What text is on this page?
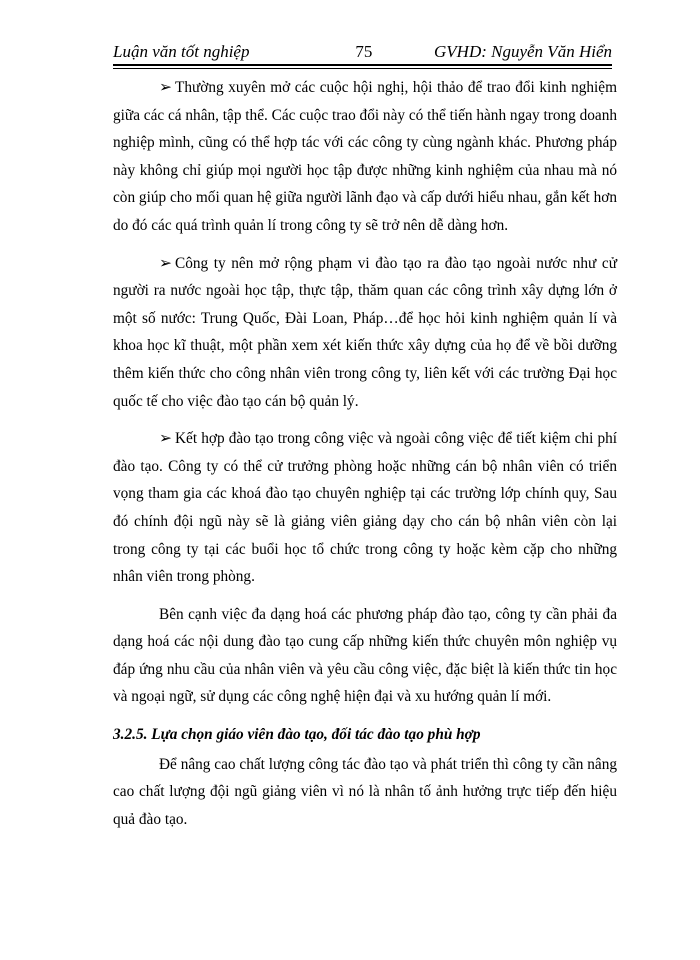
Luận văn tốt nghiệp	75	GVHD: Nguyễn Văn Hiển

➢ Thường xuyên mở các cuộc hội nghị, hội thảo để trao đổi kinh nghiệm giữa các cá nhân, tập thể. Các cuộc trao đổi này có thể tiến hành ngay trong doanh nghiệp mình, cũng có thể hợp tác với các công ty cùng ngành khác. Phương pháp này không chỉ giúp mọi người học tập được những kinh nghiệm của nhau mà nó còn giúp cho mối quan hệ giữa người lãnh đạo và cấp dưới hiểu nhau, gắn kết hơn do đó các quá trình quản lí trong công ty sẽ trở nên dễ dàng hơn.

➢ Công ty nên mở rộng phạm vi đào tạo ra đào tạo ngoài nước như cử người ra nước ngoài học tập, thực tập, thăm quan các công trình xây dựng lớn ở một số nước: Trung Quốc, Đài Loan, Pháp…để học hỏi kinh nghiệm quản lí và khoa học kĩ thuật, một phần xem xét kiến thức xây dựng của họ để về bồi dưỡng thêm kiến thức cho công nhân viên trong công ty, liên kết với các trường Đại học quốc tế cho việc đào tạo cán bộ quản lý.

➢ Kết hợp đào tạo trong công việc và ngoài công việc để tiết kiệm chi phí đào tạo. Công ty có thể cử trưởng phòng hoặc những cán bộ nhân viên có triển vọng tham gia các khoá đào tạo chuyên nghiệp tại các trường lớp chính quy, Sau đó chính đội ngũ này sẽ là giảng viên giảng dạy cho cán bộ nhân viên còn lại trong công ty tại các buổi học tổ chức trong công ty hoặc kèm cặp cho những nhân viên trong phòng.

Bên cạnh việc đa dạng hoá các phương pháp đào tạo, công ty cần phải đa dạng hoá các nội dung đào tạo cung cấp những kiến thức chuyên môn nghiệp vụ đáp ứng nhu cầu của nhân viên và yêu cầu công việc, đặc biệt là kiến thức tin học và ngoại ngữ, sử dụng các công nghệ hiện đại và xu hướng quản lí mới.

3.2.5. Lựa chọn giáo viên đào tạo, đối tác đào tạo phù hợp

Để nâng cao chất lượng công tác đào tạo và phát triển thì công ty cần nâng cao chất lượng đội ngũ giảng viên vì nó là nhân tố ảnh hưởng trực tiếp đến hiệu quả đào tạo.
